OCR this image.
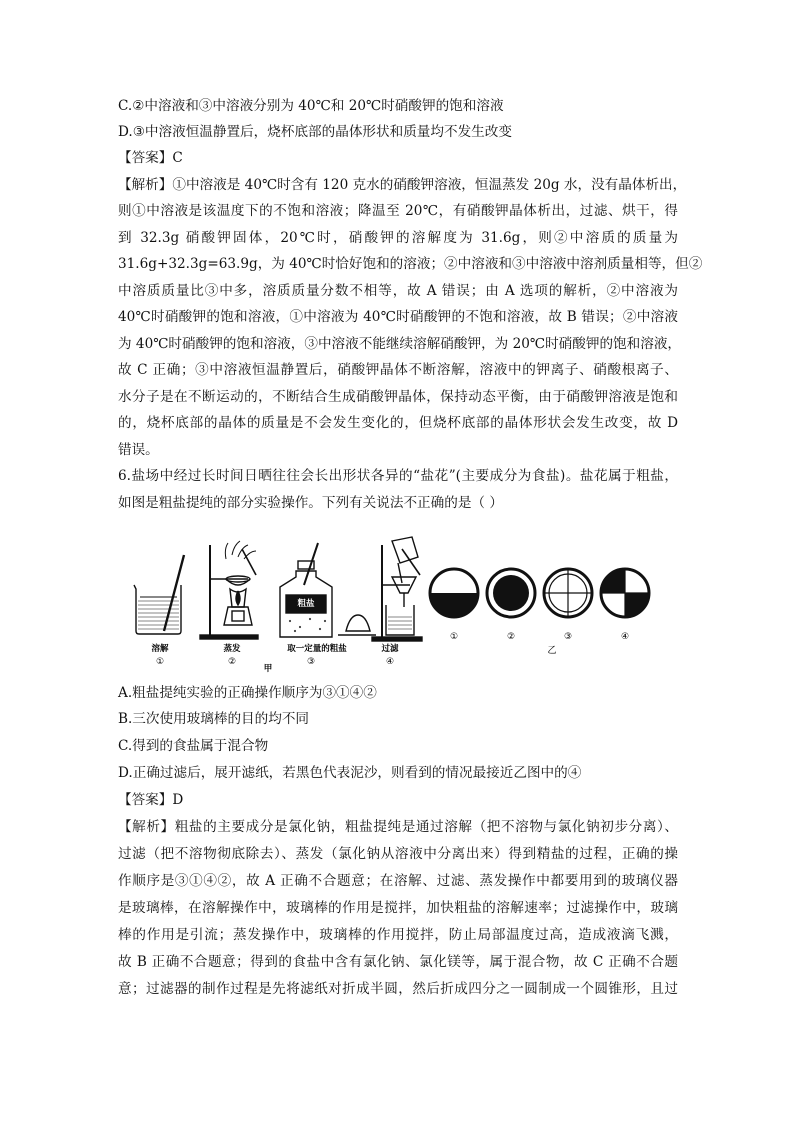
C.②中溶液和③中溶液分别为 40℃和 20℃时硝酸钾的饱和溶液
D.③中溶液恒温静置后，烧杯底部的晶体形状和质量均不发生改变
【答案】C
【解析】①中溶液是 40℃时含有 120 克水的硝酸钾溶液，恒温蒸发 20g 水，没有晶体析出，
则①中溶液是该温度下的不饱和溶液；降温至 20℃，有硝酸钾晶体析出，过滤、烘干，得
到 32.3g 硝酸钾固体，20℃时，硝酸钾的溶解度为 31.6g，则②中溶质的质量为
31.6g+32.3g=63.9g，为 40℃时恰好饱和的溶液；②中溶液和③中溶液中溶剂质量相等，但②
中溶质质量比③中多，溶质质量分数不相等，故 A 错误；由 A 选项的解析，②中溶液为
40℃时硝酸钾的饱和溶液，①中溶液为 40℃时硝酸钾的不饱和溶液，故 B 错误；②中溶液
为 40℃时硝酸钾的饱和溶液，③中溶液不能继续溶解硝酸钾，为 20℃时硝酸钾的饱和溶液，
故 C 正确；③中溶液恒温静置后，硝酸钾晶体不断溶解，溶液中的钾离子、硝酸根离子、
水分子是在不断运动的，不断结合生成硝酸钾晶体，保持动态平衡，由于硝酸钾溶液是饱和
的，烧杯底部的晶体的质量是不会发生变化的，但烧杯底部的晶体形状会发生改变，故 D
错误。
6.盐场中经过长时间日晒往往会长出形状各异的“盐花”(主要成分为食盐)。盐花属于粗盐，
如图是粗盐提纯的部分实验操作。下列有关说法不正确的是（ ）
粗盐
溶解
①
蒸发
②
取一定量的粗盐
③
过滤
④
①	②	③	④
乙
甲
A.粗盐提纯实验的正确操作顺序为③①④②
B.三次使用玻璃棒的目的均不同
C.得到的食盐属于混合物
D.正确过滤后，展开滤纸，若黑色代表泥沙，则看到的情况最接近乙图中的④
【答案】D
【解析】粗盐的主要成分是氯化钠，粗盐提纯是通过溶解（把不溶物与氯化钠初步分离）、
过滤（把不溶物彻底除去）、蒸发（氯化钠从溶液中分离出来）得到精盐的过程，正确的操
作顺序是③①④②，故 A 正确不合题意；在溶解、过滤、蒸发操作中都要用到的玻璃仪器
是玻璃棒，在溶解操作中，玻璃棒的作用是搅拌，加快粗盐的溶解速率；过滤操作中，玻璃
棒的作用是引流；蒸发操作中，玻璃棒的作用搅拌，防止局部温度过高，造成液滴飞溅，
故 B 正确不合题意；得到的食盐中含有氯化钠、氯化镁等，属于混合物，故 C 正确不合题
意；过滤器的制作过程是先将滤纸对折成半圆，然后折成四分之一圆制成一个圆锥形，且过
